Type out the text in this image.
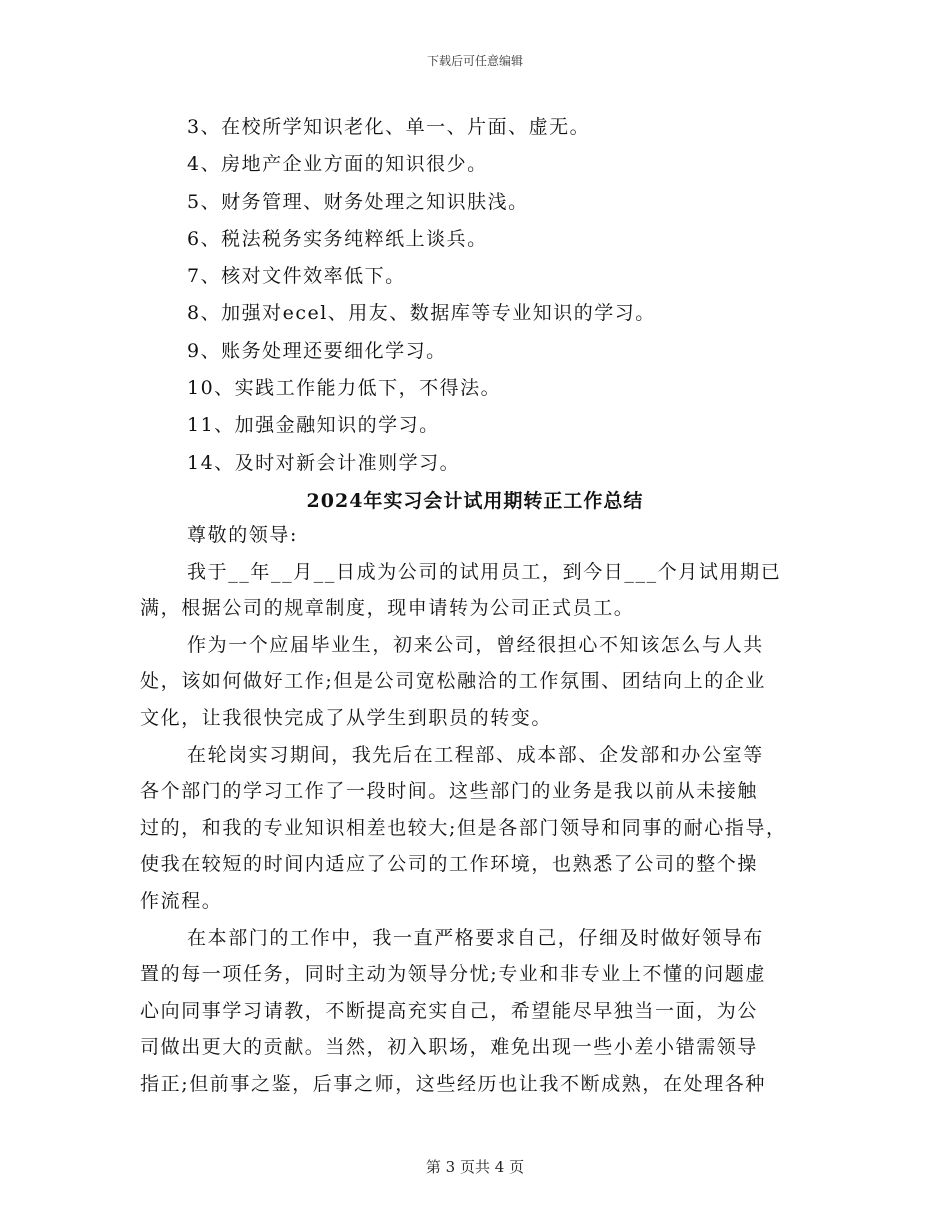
下载后可任意编辑
3、在校所学知识老化、单一、片面、虚无。
4、房地产企业方面的知识很少。
5、财务管理、财务处理之知识肤浅。
6、税法税务实务纯粹纸上谈兵。
7、核对文件效率低下。
8、加强对ecel、用友、数据库等专业知识的学习。
9、账务处理还要细化学习。
10、实践工作能力低下，不得法。
11、加强金融知识的学习。
14、及时对新会计准则学习。
2024年实习会计试用期转正工作总结
尊敬的领导:
我于__年__月__日成为公司的试用员工，到今日___个月试用期已
满，根据公司的规章制度，现申请转为公司正式员工。
作为一个应届毕业生，初来公司，曾经很担心不知该怎么与人共
处，该如何做好工作;但是公司宽松融洽的工作氛围、团结向上的企业
文化，让我很快完成了从学生到职员的转变。
在轮岗实习期间，我先后在工程部、成本部、企发部和办公室等
各个部门的学习工作了一段时间。这些部门的业务是我以前从未接触
过的，和我的专业知识相差也较大;但是各部门领导和同事的耐心指导，
使我在较短的时间内适应了公司的工作环境，也熟悉了公司的整个操
作流程。
在本部门的工作中，我一直严格要求自己，仔细及时做好领导布
置的每一项任务，同时主动为领导分忧;专业和非专业上不懂的问题虚
心向同事学习请教，不断提高充实自己，希望能尽早独当一面，为公
司做出更大的贡献。当然，初入职场，难免出现一些小差小错需领导
指正;但前事之鉴，后事之师，这些经历也让我不断成熟，在处理各种
第 3 页共 4 页
